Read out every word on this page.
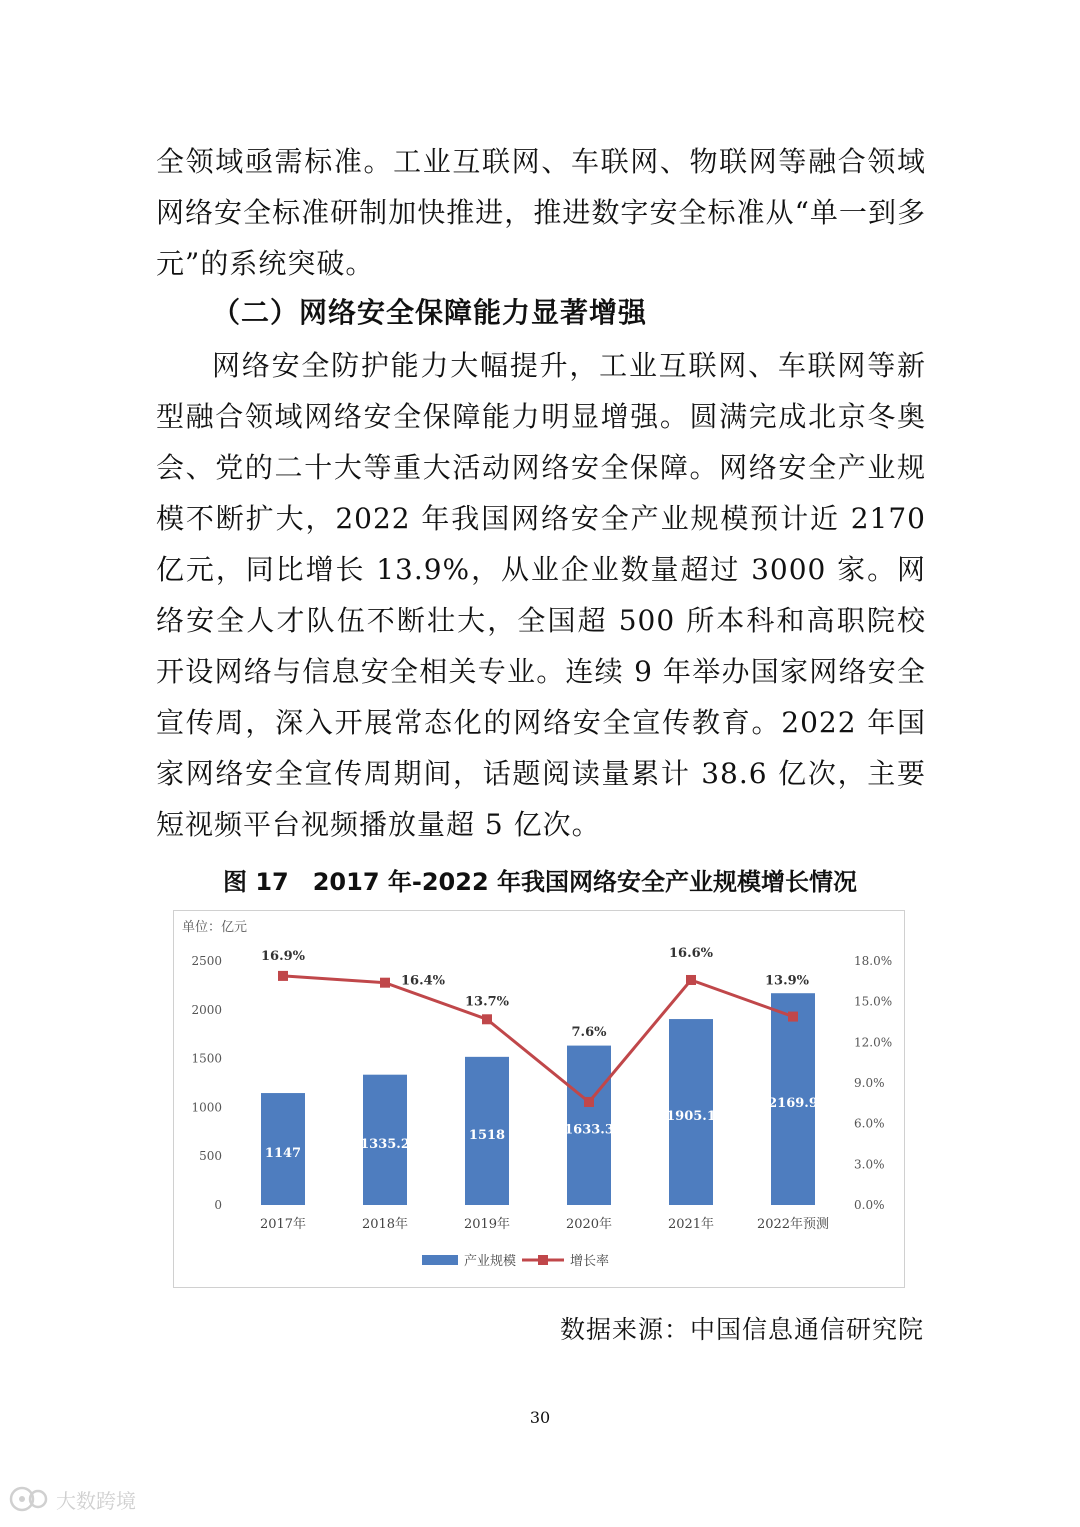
全领域亟需标准。工业互联网、车联网、物联网等融合领域网络安全标准研制加快推进，推进数字安全标准从“单一到多元”的系统突破。
（二）网络安全保障能力显著增强
网络安全防护能力大幅提升，工业互联网、车联网等新型融合领域网络安全保障能力明显增强。圆满完成北京冬奥会、党的二十大等重大活动网络安全保障。网络安全产业规模不断扩大，2022 年我国网络安全产业规模预计近 2170 亿元，同比增长 13.9%，从业企业数量超过 3000 家。网络安全人才队伍不断壮大，全国超 500 所本科和高职院校开设网络与信息安全相关专业。连续 9 年举办国家网络安全宣传周，深入开展常态化的网络安全宣传教育。2022 年国家网络安全宣传周期间，话题阅读量累计 38.6 亿次，主要短视频平台视频播放量超 5 亿次。
图 17　2017 年-2022 年我国网络安全产业规模增长情况
单位：亿元
0
500
1000
1500
2000
2500
0.0%
3.0%
6.0%
9.0%
12.0%
15.0%
18.0%
1147
1335.2
1518	1633.3
1905.1
2169.9
2017年	2018年	2019年	2020年	2021年	2022年预测
16.9%
16.4%
13.7%
7.6%
16.6%
13.9%
产业规模	增长率
数据来源：中国信息通信研究院
30
大数跨境
